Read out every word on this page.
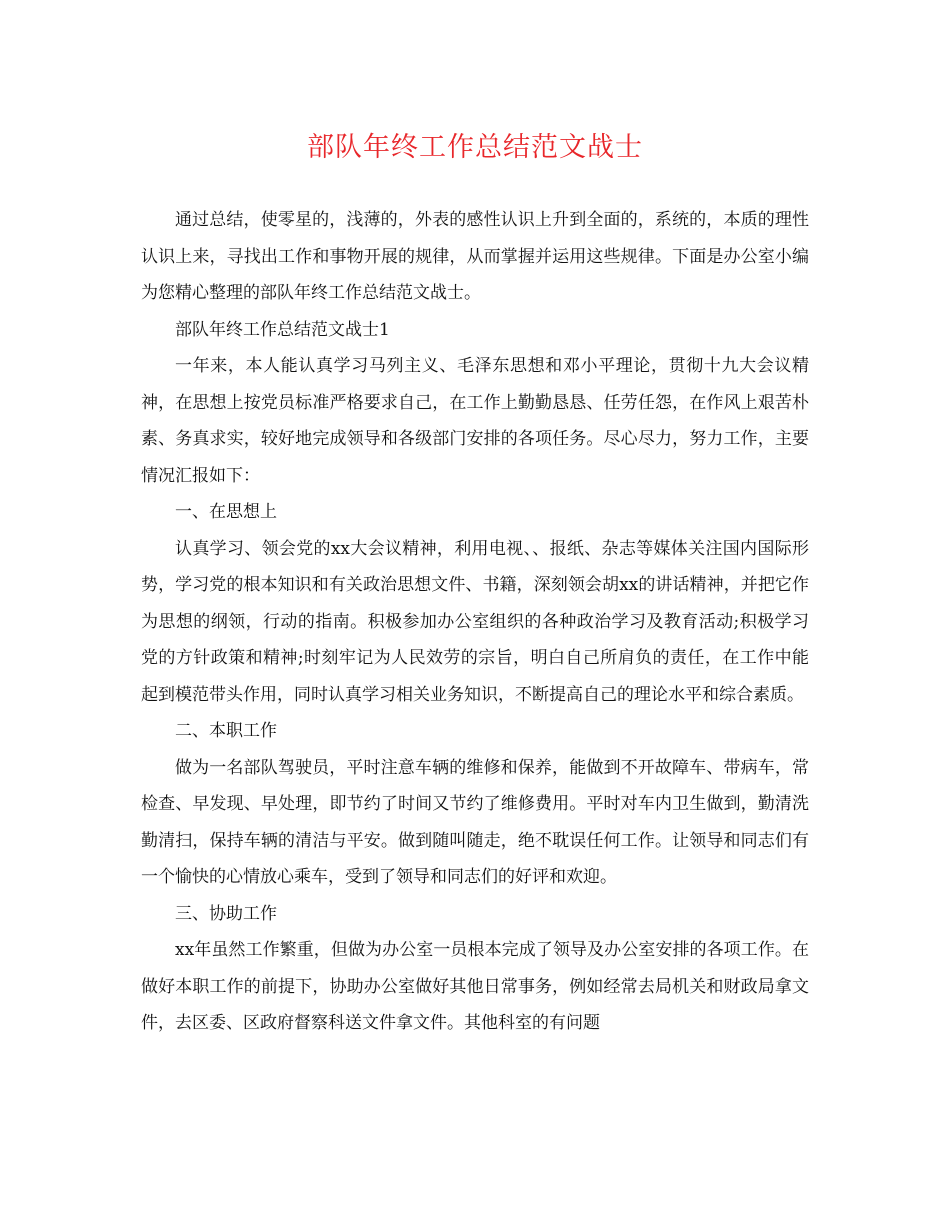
部队年终工作总结范文战士

通过总结，使零星的，浅薄的，外表的感性认识上升到全面的，系统的，本质的理性认识上来，寻找出工作和事物开展的规律，从而掌握并运用这些规律。下面是办公室小编为您精心整理的部队年终工作总结范文战士。

部队年终工作总结范文战士1

一年来，本人能认真学习马列主义、毛泽东思想和邓小平理论，贯彻十九大会议精神，在思想上按党员标准严格要求自己，在工作上勤勤恳恳、任劳任怨，在作风上艰苦朴素、务真求实，较好地完成领导和各级部门安排的各项任务。尽心尽力，努力工作，主要情况汇报如下：

一、在思想上

认真学习、领会党的xx大会议精神，利用电视、、报纸、杂志等媒体关注国内国际形势，学习党的根本知识和有关政治思想文件、书籍，深刻领会胡xx的讲话精神，并把它作为思想的纲领，行动的指南。积极参加办公室组织的各种政治学习及教育活动;积极学习党的方针政策和精神;时刻牢记为人民效劳的宗旨，明白自己所肩负的责任，在工作中能起到模范带头作用，同时认真学习相关业务知识，不断提高自己的理论水平和综合素质。

二、本职工作

做为一名部队驾驶员，平时注意车辆的维修和保养，能做到不开故障车、带病车，常检查、早发现、早处理，即节约了时间又节约了维修费用。平时对车内卫生做到，勤清洗勤清扫，保持车辆的清洁与平安。做到随叫随走，绝不耽误任何工作。让领导和同志们有一个愉快的心情放心乘车，受到了领导和同志们的好评和欢迎。

三、协助工作

xx年虽然工作繁重，但做为办公室一员根本完成了领导及办公室安排的各项工作。在做好本职工作的前提下，协助办公室做好其他日常事务，例如经常去局机关和财政局拿文件，去区委、区政府督察科送文件拿文件。其他科室的有问题
